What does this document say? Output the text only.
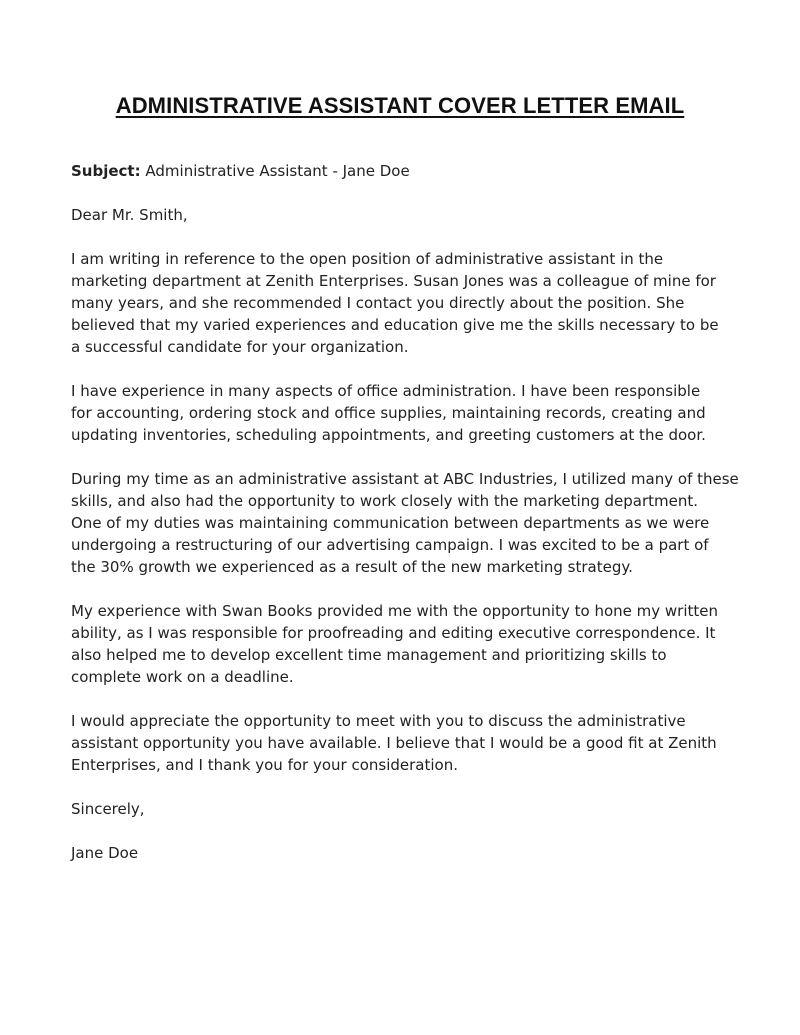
ADMINISTRATIVE ASSISTANT COVER LETTER EMAIL

Subject: Administrative Assistant - Jane Doe

Dear Mr. Smith,

I am writing in reference to the open position of administrative assistant in the
marketing department at Zenith Enterprises. Susan Jones was a colleague of mine for
many years, and she recommended I contact you directly about the position. She
believed that my varied experiences and education give me the skills necessary to be
a successful candidate for your organization.

I have experience in many aspects of office administration. I have been responsible
for accounting, ordering stock and office supplies, maintaining records, creating and
updating inventories, scheduling appointments, and greeting customers at the door.

During my time as an administrative assistant at ABC Industries, I utilized many of these
skills, and also had the opportunity to work closely with the marketing department.
One of my duties was maintaining communication between departments as we were
undergoing a restructuring of our advertising campaign. I was excited to be a part of
the 30% growth we experienced as a result of the new marketing strategy.

My experience with Swan Books provided me with the opportunity to hone my written
ability, as I was responsible for proofreading and editing executive correspondence. It
also helped me to develop excellent time management and prioritizing skills to
complete work on a deadline.

I would appreciate the opportunity to meet with you to discuss the administrative
assistant opportunity you have available. I believe that I would be a good fit at Zenith
Enterprises, and I thank you for your consideration.

Sincerely,

Jane Doe
